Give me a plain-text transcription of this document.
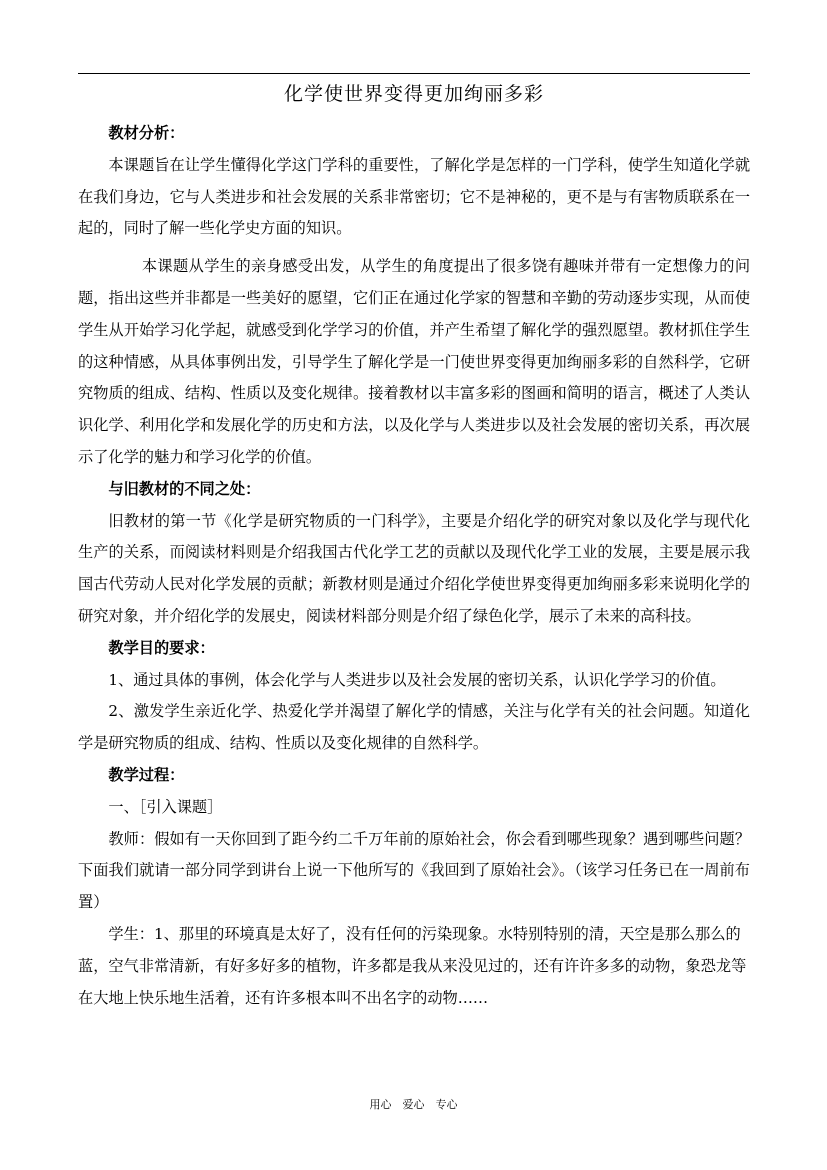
化学使世界变得更加绚丽多彩

教材分析：

本课题旨在让学生懂得化学这门学科的重要性，了解化学是怎样的一门学科，使学生知道化学就在我们身边，它与人类进步和社会发展的关系非常密切；它不是神秘的，更不是与有害物质联系在一起的，同时了解一些化学史方面的知识。

本课题从学生的亲身感受出发，从学生的角度提出了很多饶有趣味并带有一定想像力的问题，指出这些并非都是一些美好的愿望，它们正在通过化学家的智慧和辛勤的劳动逐步实现，从而使学生从开始学习化学起，就感受到化学学习的价值，并产生希望了解化学的强烈愿望。教材抓住学生的这种情感，从具体事例出发，引导学生了解化学是一门使世界变得更加绚丽多彩的自然科学，它研究物质的组成、结构、性质以及变化规律。接着教材以丰富多彩的图画和简明的语言，概述了人类认识化学、利用化学和发展化学的历史和方法，以及化学与人类进步以及社会发展的密切关系，再次展示了化学的魅力和学习化学的价值。

与旧教材的不同之处：

旧教材的第一节《化学是研究物质的一门科学》，主要是介绍化学的研究对象以及化学与现代化生产的关系，而阅读材料则是介绍我国古代化学工艺的贡献以及现代化学工业的发展，主要是展示我国古代劳动人民对化学发展的贡献；新教材则是通过介绍化学使世界变得更加绚丽多彩来说明化学的研究对象，并介绍化学的发展史，阅读材料部分则是介绍了绿色化学，展示了未来的高科技。

教学目的要求：

1、通过具体的事例，体会化学与人类进步以及社会发展的密切关系，认识化学学习的价值。

2、激发学生亲近化学、热爱化学并渴望了解化学的情感，关注与化学有关的社会问题。知道化学是研究物质的组成、结构、性质以及变化规律的自然科学。

教学过程：

一、［引入课题］

教师：假如有一天你回到了距今约二千万年前的原始社会，你会看到哪些现象？遇到哪些问题？下面我们就请一部分同学到讲台上说一下他所写的《我回到了原始社会》。（该学习任务已在一周前布置）

学生：1、那里的环境真是太好了，没有任何的污染现象。水特别特别的清，天空是那么那么的蓝，空气非常清新，有好多好多的植物，许多都是我从来没见过的，还有许许多多的动物，象恐龙等在大地上快乐地生活着，还有许多根本叫不出名字的动物……

用心　爱心　专心
